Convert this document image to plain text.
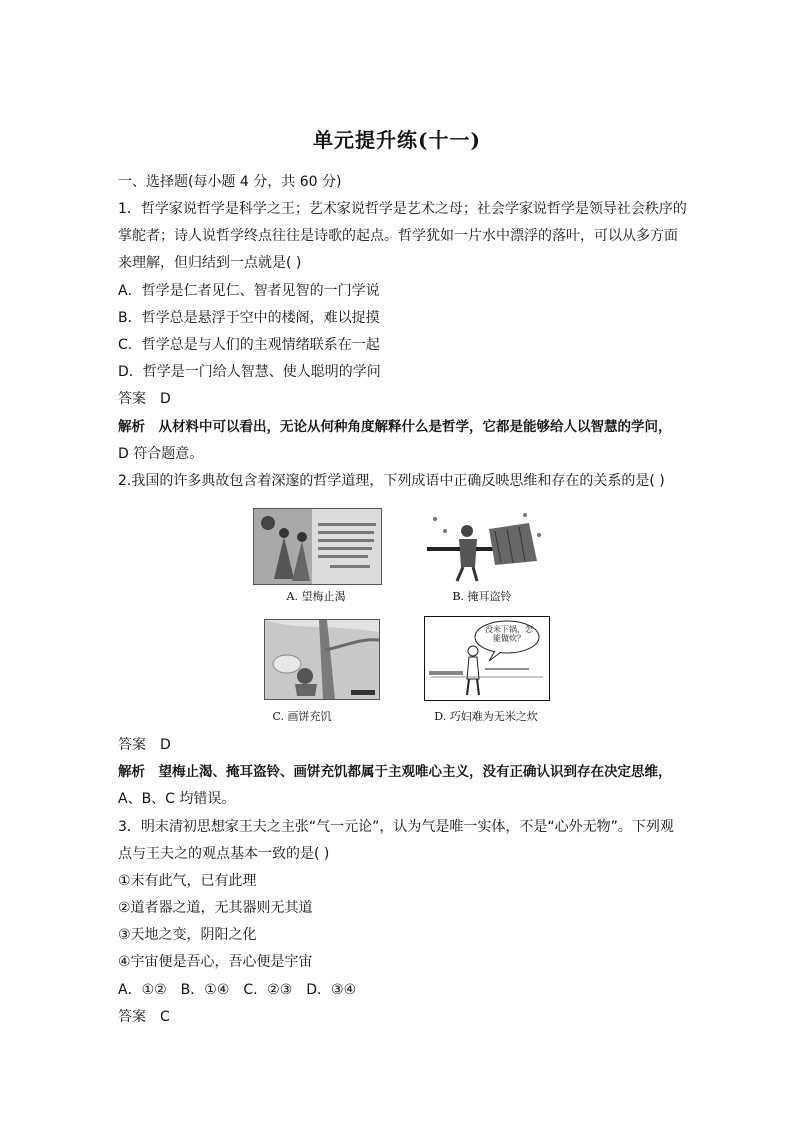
单元提升练(十一)
一、选择题(每小题 4 分，共 60 分)
1．哲学家说哲学是科学之王；艺术家说哲学是艺术之母；社会学家说哲学是领导社会秩序的
掌舵者；诗人说哲学终点往往是诗歌的起点。哲学犹如一片水中漂浮的落叶，可以从多方面
来理解，但归结到一点就是( )
A．哲学是仁者见仁、智者见智的一门学说
B．哲学总是悬浮于空中的楼阁，难以捉摸
C．哲学总是与人们的主观情绪联系在一起
D．哲学是一门给人智慧、使人聪明的学问
答案　D
解析　从材料中可以看出，无论从何种角度解释什么是哲学，它都是能够给人以智慧的学问，
D 符合题意。
2.我国的许多典故包含着深邃的哲学道理，下列成语中正确反映思维和存在的关系的是( )
A. 望梅止渴	B. 掩耳盗铃
C. 画饼充饥
没米下锅，怎能做炊？
D. 巧妇难为无米之炊
答案　D
解析　望梅止渴、掩耳盗铃、画饼充饥都属于主观唯心主义，没有正确认识到存在决定思维，
A、B、C 均错误。
3．明末清初思想家王夫之主张“气一元论”，认为气是唯一实体，不是“心外无物”。下列观
点与王夫之的观点基本一致的是( )
①未有此气，已有此理
②道者器之道，无其器则无其道
③天地之变，阴阳之化
④宇宙便是吾心，吾心便是宇宙
A．①②　B．①④　C．②③　D．③④
答案　C
